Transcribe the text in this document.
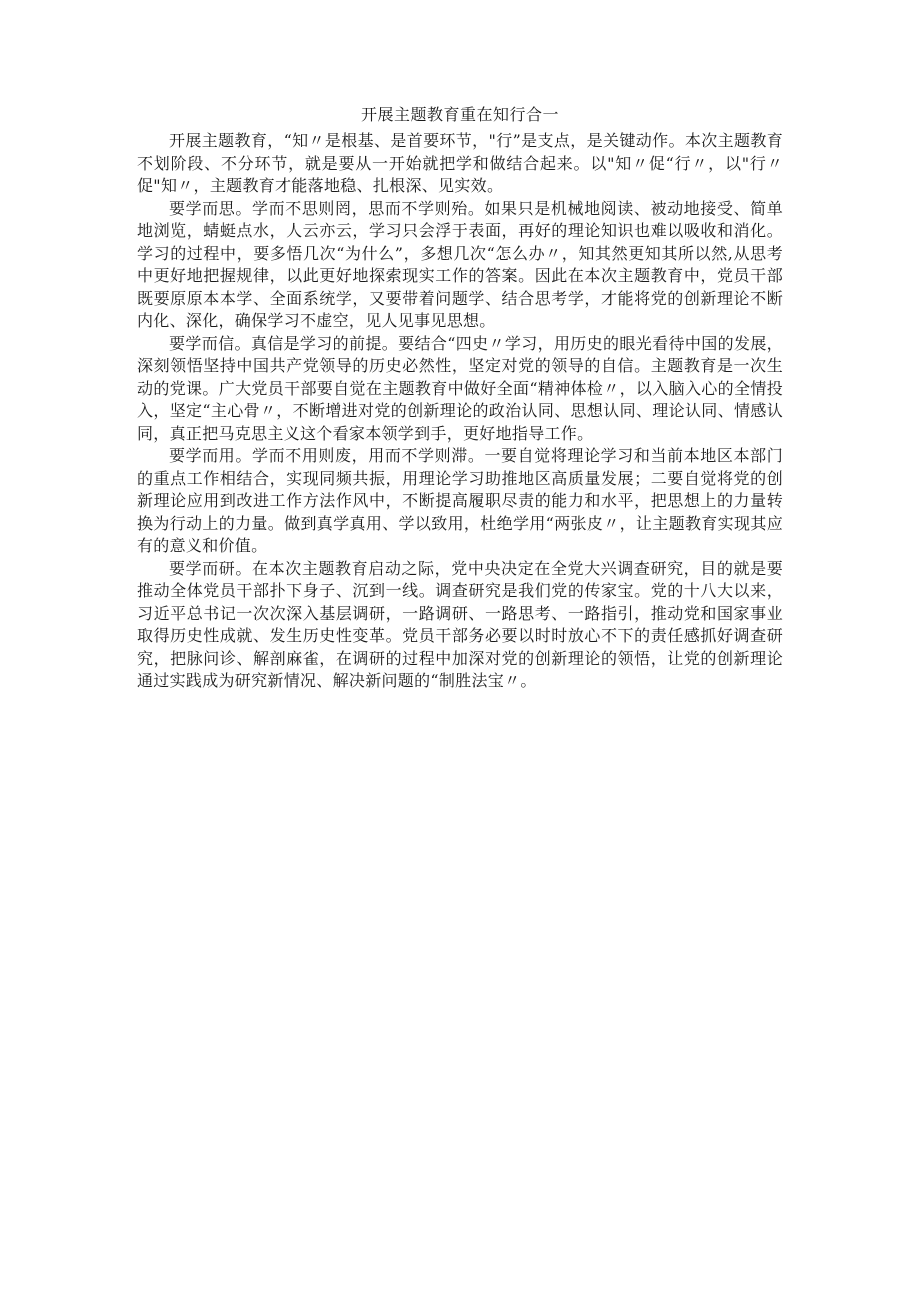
开展主题教育重在知行合一

开展主题教育，“知〃是根基、是首要环节，"行”是支点，是关键动作。本次主题教育不划阶段、不分环节，就是要从一开始就把学和做结合起来。以"知〃促“行〃，以"行〃促"知〃，主题教育才能落地稳、扎根深、见实效。

要学而思。学而不思则罔，思而不学则殆。如果只是机械地阅读、被动地接受、简单地浏览，蜻蜓点水，人云亦云，学习只会浮于表面，再好的理论知识也难以吸收和消化。学习的过程中，要多悟几次“为什么”，多想几次“怎么办〃，知其然更知其所以然,从思考中更好地把握规律，以此更好地探索现实工作的答案。因此在本次主题教育中，党员干部既要原原本本学、全面系统学，又要带着问题学、结合思考学，才能将党的创新理论不断内化、深化，确保学习不虚空，见人见事见思想。

要学而信。真信是学习的前提。要结合“四史〃学习，用历史的眼光看待中国的发展，深刻领悟坚持中国共产党领导的历史必然性，坚定对党的领导的自信。主题教育是一次生动的党课。广大党员干部要自觉在主题教育中做好全面“精神体检〃，以入脑入心的全情投入，坚定“主心骨〃，不断增进对党的创新理论的政治认同、思想认同、理论认同、情感认同，真正把马克思主义这个看家本领学到手，更好地指导工作。

要学而用。学而不用则废，用而不学则滞。一要自觉将理论学习和当前本地区本部门的重点工作相结合，实现同频共振，用理论学习助推地区高质量发展；二要自觉将党的创新理论应用到改进工作方法作风中，不断提高履职尽责的能力和水平，把思想上的力量转换为行动上的力量。做到真学真用、学以致用，杜绝学用“两张皮〃，让主题教育实现其应有的意义和价值。

要学而研。在本次主题教育启动之际，党中央决定在全党大兴调查研究，目的就是要推动全体党员干部扑下身子、沉到一线。调查研究是我们党的传家宝。党的十八大以来，习近平总书记一次次深入基层调研，一路调研、一路思考、一路指引，推动党和国家事业取得历史性成就、发生历史性变革。党员干部务必要以时时放心不下的责任感抓好调查研究，把脉问诊、解剖麻雀，在调研的过程中加深对党的创新理论的领悟，让党的创新理论通过实践成为研究新情况、解决新问题的“制胜法宝〃。
